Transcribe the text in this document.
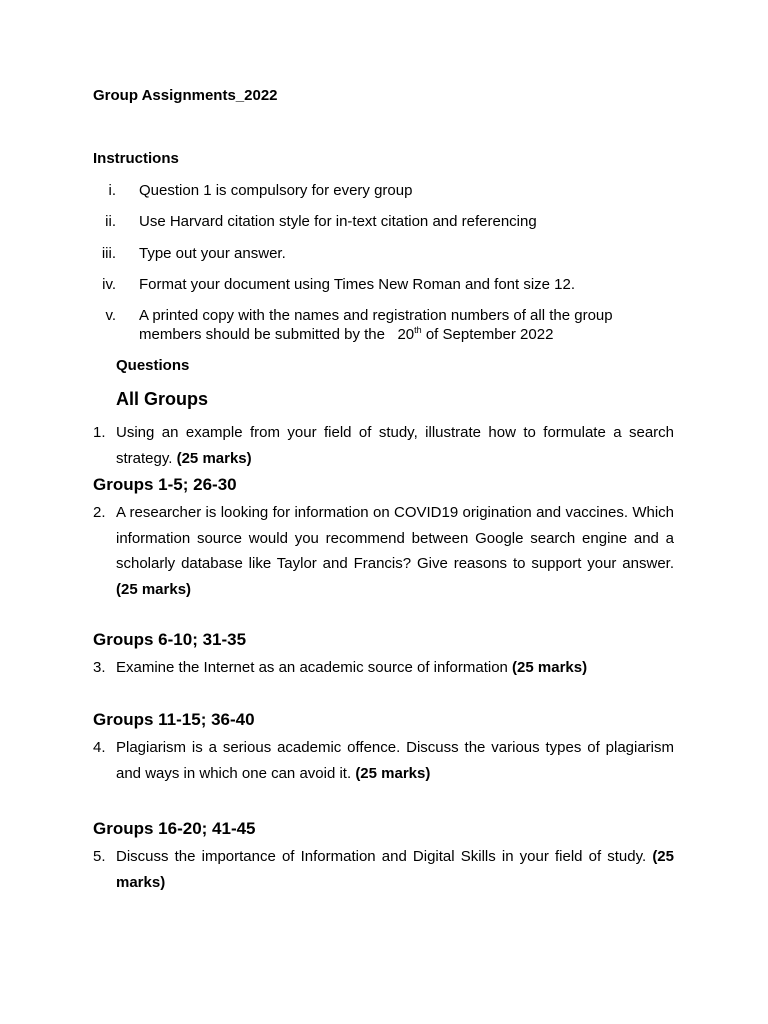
Group Assignments_2022
Instructions
i. Question 1 is compulsory for every group
ii. Use Harvard citation style for in-text citation and referencing
iii. Type out your answer.
iv. Format your document using Times New Roman and font size 12.
v. A printed copy with the names and registration numbers of all the group
members should be submitted by the   20th of September 2022
Questions
All Groups
1. Using an example from your field of study, illustrate how to formulate a search strategy. (25 marks)
Groups 1-5; 26-30
2. A researcher is looking for information on COVID19 origination and vaccines. Which information source would you recommend between Google search engine and a scholarly database like Taylor and Francis? Give reasons to support your answer. (25 marks)
Groups 6-10; 31-35
3. Examine the Internet as an academic source of information (25 marks)
Groups 11-15; 36-40
4. Plagiarism is a serious academic offence. Discuss the various types of plagiarism and ways in which one can avoid it. (25 marks)
Groups 16-20; 41-45
5. Discuss the importance of Information and Digital Skills in your field of study. (25 marks)
